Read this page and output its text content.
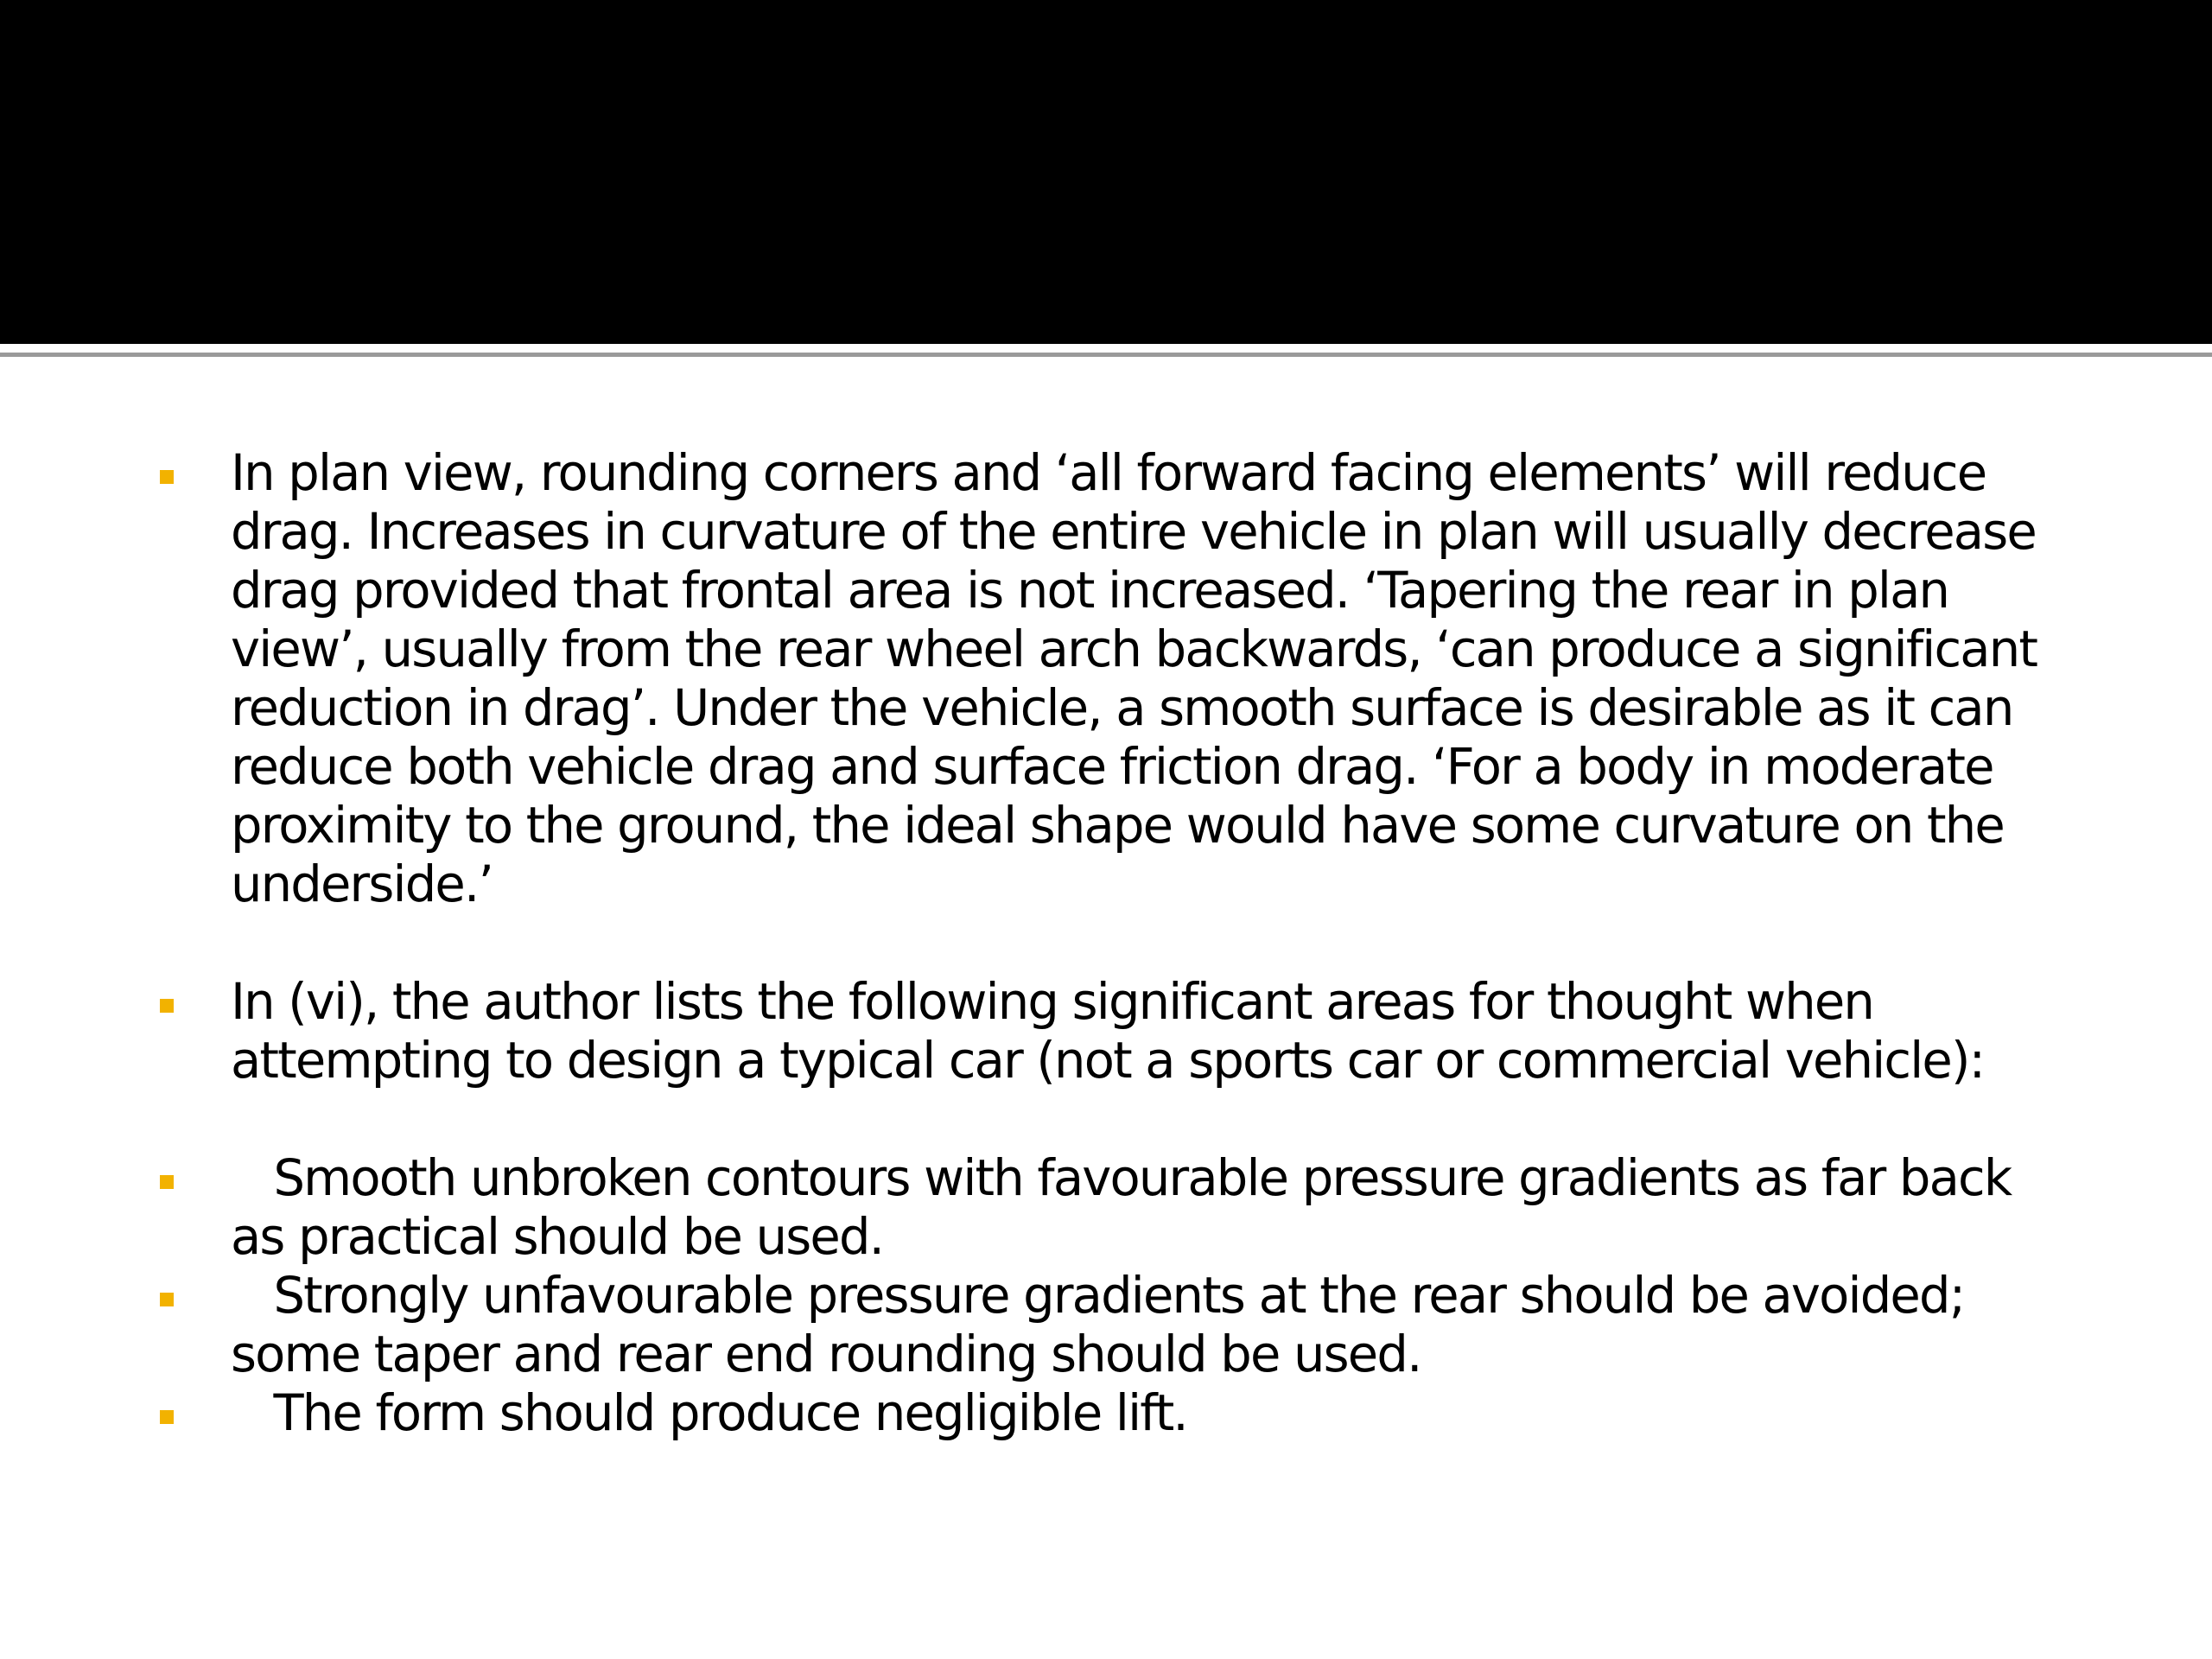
In plan view, rounding corners and ‘all forward facing elements’ will reduce drag. Increases in curvature of the entire vehicle in plan will usually decrease drag provided that frontal area is not increased. ‘Tapering the rear in plan view’, usually from the rear wheel arch backwards, ‘can produce a significant reduction in drag’. Under the vehicle, a smooth surface is desirable as it can reduce both vehicle drag and surface friction drag. ‘For a body in moderate proximity to the ground, the ideal shape would have some curvature on the underside.’
In (vi), the author lists the following significant areas for thought when attempting to design a typical car (not a sports car or commercial vehicle):
Smooth unbroken contours with favourable pressure gradients as far back as practical should be used.
Strongly unfavourable pressure gradients at the rear should be avoided; some taper and rear end rounding should be used.
The form should produce negligible lift.
